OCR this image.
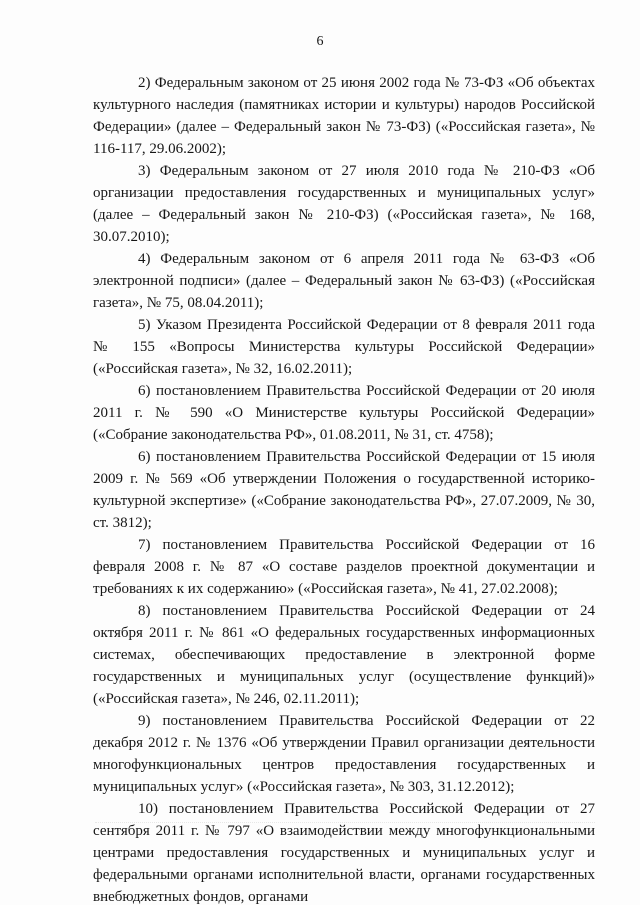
6

2) Федеральным законом от 25 июня 2002 года № 73-ФЗ «Об объектах культурного наследия (памятниках истории и культуры) народов Российской Федерации» (далее – Федеральный закон № 73-ФЗ) («Российская газета», № 116-117, 29.06.2002);

3) Федеральным законом от 27 июля 2010 года № 210-ФЗ «Об организации предоставления государственных и муниципальных услуг» (далее – Федеральный закон № 210-ФЗ) («Российская газета», № 168, 30.07.2010);

4) Федеральным законом от 6 апреля 2011 года № 63-ФЗ «Об электронной подписи» (далее – Федеральный закон № 63-ФЗ) («Российская газета», № 75, 08.04.2011);

5) Указом Президента Российской Федерации от 8 февраля 2011 года № 155 «Вопросы Министерства культуры Российской Федерации» («Российская газета», № 32, 16.02.2011);

6) постановлением Правительства Российской Федерации от 20 июля 2011 г. № 590 «О Министерстве культуры Российской Федерации» («Собрание законодательства РФ», 01.08.2011, № 31, ст. 4758);

6) постановлением Правительства Российской Федерации от 15 июля 2009 г. № 569 «Об утверждении Положения о государственной историко-культурной экспертизе» («Собрание законодательства РФ», 27.07.2009, № 30, ст. 3812);

7) постановлением Правительства Российской Федерации от 16 февраля 2008 г. № 87 «О составе разделов проектной документации и требованиях к их содержанию» («Российская газета», № 41, 27.02.2008);

8) постановлением Правительства Российской Федерации от 24 октября 2011 г. № 861 «О федеральных государственных информационных системах, обеспечивающих предоставление в электронной форме государственных и муниципальных услуг (осуществление функций)» («Российская газета», № 246, 02.11.2011);

9) постановлением Правительства Российской Федерации от 22 декабря 2012 г. № 1376 «Об утверждении Правил организации деятельности многофункциональных центров предоставления государственных и муниципальных услуг» («Российская газета», № 303, 31.12.2012);

10) постановлением Правительства Российской Федерации от 27 сентября 2011 г. № 797 «О взаимодействии между многофункциональными центрами предоставления государственных и муниципальных услуг и федеральными органами исполнительной власти, органами государственных внебюджетных фондов, органами
